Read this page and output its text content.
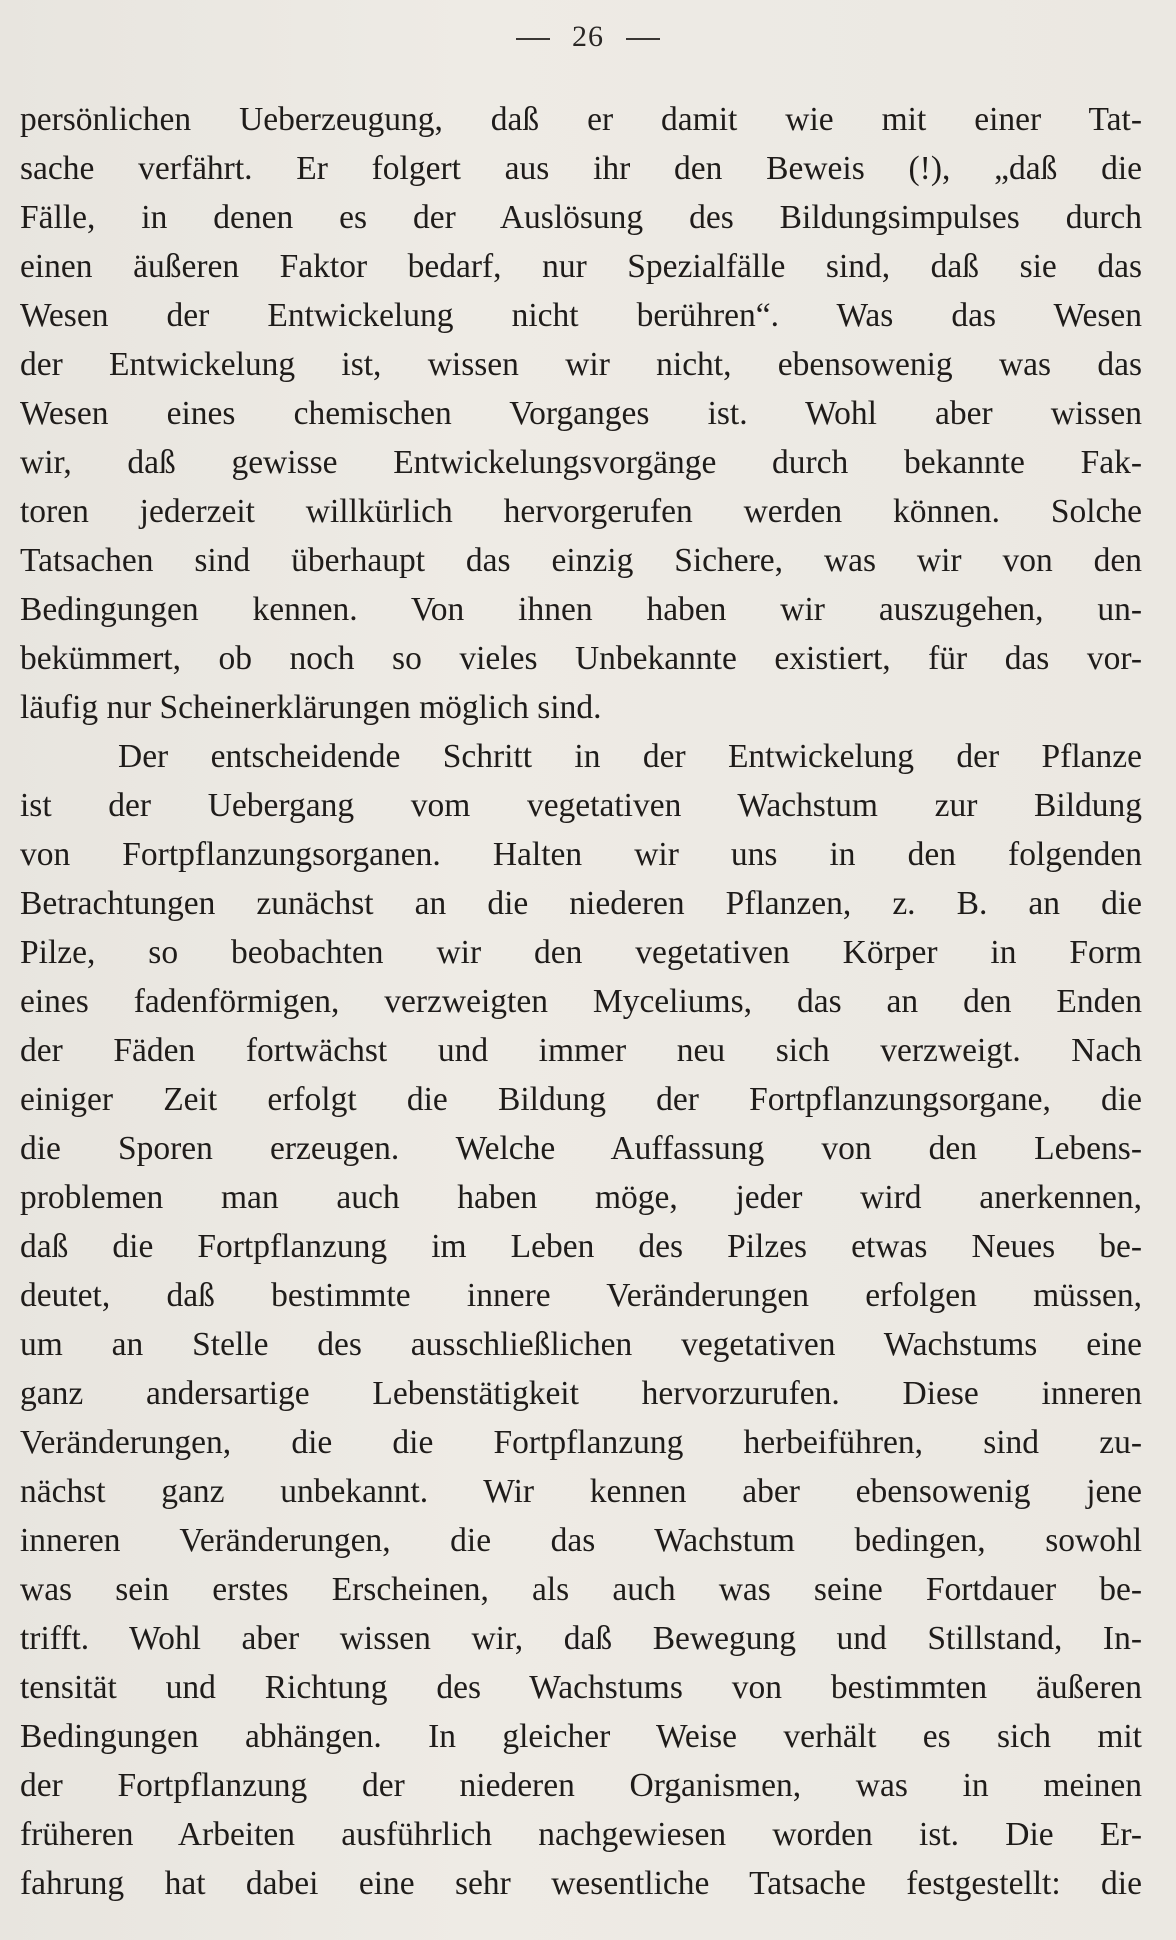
26
persönlichen Ueberzeugung, daß er damit wie mit einer Tat-
sache verfährt. Er folgert aus ihr den Beweis (!), „daß die
Fälle, in denen es der Auslösung des Bildungsimpulses durch
einen äußeren Faktor bedarf, nur Spezialfälle sind, daß sie das
Wesen der Entwickelung nicht berühren“. Was das Wesen
der Entwickelung ist, wissen wir nicht, ebensowenig was das
Wesen eines chemischen Vorganges ist. Wohl aber wissen
wir, daß gewisse Entwickelungsvorgänge durch bekannte Fak-
toren jederzeit willkürlich hervorgerufen werden können. Solche
Tatsachen sind überhaupt das einzig Sichere, was wir von den
Bedingungen kennen. Von ihnen haben wir auszugehen, un-
bekümmert, ob noch so vieles Unbekannte existiert, für das vor-
läufig nur Scheinerklärungen möglich sind.
Der entscheidende Schritt in der Entwickelung der Pflanze
ist der Uebergang vom vegetativen Wachstum zur Bildung
von Fortpflanzungsorganen. Halten wir uns in den folgenden
Betrachtungen zunächst an die niederen Pflanzen, z. B. an die
Pilze, so beobachten wir den vegetativen Körper in Form
eines fadenförmigen, verzweigten Myceliums, das an den Enden
der Fäden fortwächst und immer neu sich verzweigt. Nach
einiger Zeit erfolgt die Bildung der Fortpflanzungsorgane, die
die Sporen erzeugen. Welche Auffassung von den Lebens-
problemen man auch haben möge, jeder wird anerkennen,
daß die Fortpflanzung im Leben des Pilzes etwas Neues be-
deutet, daß bestimmte innere Veränderungen erfolgen müssen,
um an Stelle des ausschließlichen vegetativen Wachstums eine
ganz andersartige Lebenstätigkeit hervorzurufen. Diese inneren
Veränderungen, die die Fortpflanzung herbeiführen, sind zu-
nächst ganz unbekannt. Wir kennen aber ebensowenig jene
inneren Veränderungen, die das Wachstum bedingen, sowohl
was sein erstes Erscheinen, als auch was seine Fortdauer be-
trifft. Wohl aber wissen wir, daß Bewegung und Stillstand, In-
tensität und Richtung des Wachstums von bestimmten äußeren
Bedingungen abhängen. In gleicher Weise verhält es sich mit
der Fortpflanzung der niederen Organismen, was in meinen
früheren Arbeiten ausführlich nachgewiesen worden ist. Die Er-
fahrung hat dabei eine sehr wesentliche Tatsache festgestellt: die
